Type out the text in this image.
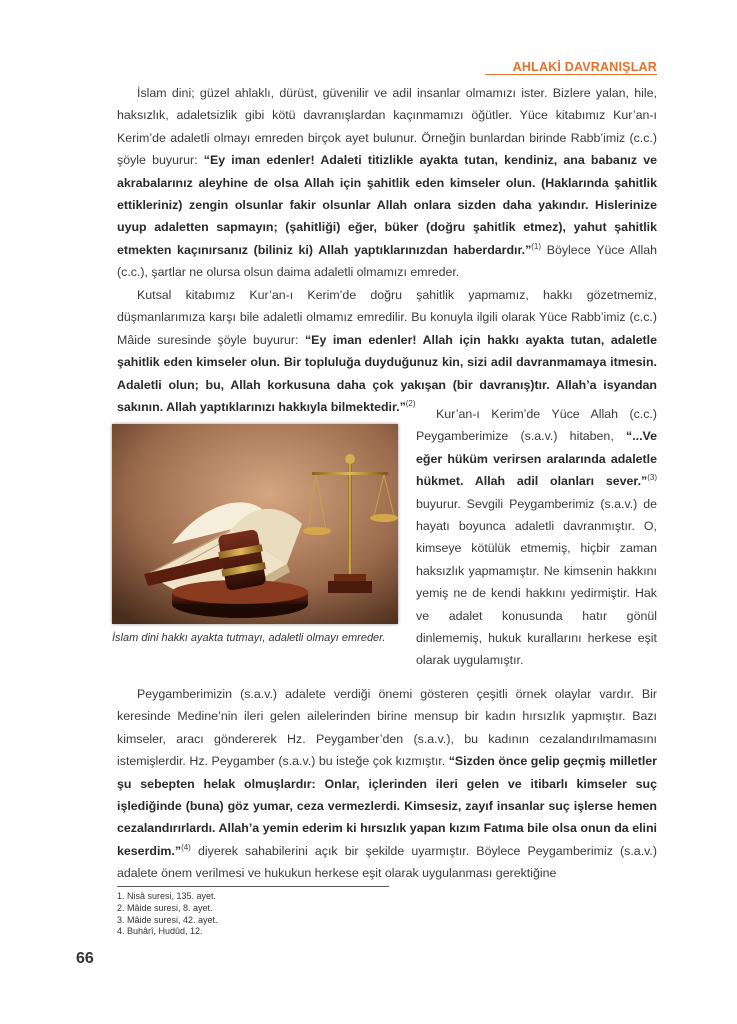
AHLAKİ DAVRANIŞLAR

İslam dini; güzel ahlaklı, dürüst, güvenilir ve adil insanlar olmamızı ister. Bizlere yalan, hile, haksızlık, adaletsizlik gibi kötü davranışlardan kaçınmamızı öğütler. Yüce kitabımız Kur’an-ı Kerim’de adaletli olmayı emreden birçok ayet bulunur. Örneğin bunlardan birinde Rabb’imiz (c.c.) şöyle buyurur: “Ey iman edenler! Adaleti titizlikle ayakta tutan, kendiniz, ana babanız ve akrabalarınız aleyhine de olsa Allah için şahitlik eden kimseler olun. (Haklarında şahitlik ettikleriniz) zengin olsunlar fakir olsunlar Allah onlara sizden daha yakındır. Hislerinize uyup adaletten sapmayın; (şahitliği) eğer, büker (doğru şahitlik etmez), yahut şahitlik etmekten kaçınırsanız (biliniz ki) Allah yaptıklarınızdan haberdardır.”$^{(1)}$ Böylece Yüce Allah (c.c.), şartlar ne olursa olsun daima adaletli olmamızı emreder.

Kutsal kitabımız Kur’an-ı Kerim’de doğru şahitlik yapmamız, hakkı gözetmemiz, düşmanlarımıza karşı bile adaletli olmamız emredilir. Bu konuyla ilgili olarak Yüce Rabb’imiz (c.c.) Mâide suresinde şöyle buyurur: “Ey iman edenler! Allah için hakkı ayakta tutan, adaletle şahitlik eden kimseler olun. Bir topluluğa duyduğunuz kin, sizi adil davranmamaya itmesin. Adaletli olun; bu, Allah korkusuna daha çok yakışan (bir davranış)tır. Allah’a isyandan sakının. Allah yaptıklarınızı hakkıyla bilmektedir.”$^{(2)}$

İslam dini hakkı ayakta tutmayı, adaletli olmayı emreder.

Kur’an-ı Kerim’de Yüce Allah (c.c.) Peygamberimize (s.a.v.) hitaben, “...Ve eğer hüküm verirsen aralarında adaletle hükmet. Allah adil olanları sever.”$^{(3)}$ buyurur. Sevgili Peygamberimiz (s.a.v.) de hayatı boyunca adaletli davranmıştır. O, kimseye kötülük etmemiş, hiçbir zaman haksızlık yapmamıştır. Ne kimsenin hakkını yemiş ne de kendi hakkını yedirmiştir. Hak ve adalet konusunda hatır gönül dinlememiş, hukuk kurallarını herkese eşit olarak uygulamıştır.

Peygamberimizin (s.a.v.) adalete verdiği önemi gösteren çeşitli örnek olaylar vardır. Bir keresinde Medine’nin ileri gelen ailelerinden birine mensup bir kadın hırsızlık yapmıştır. Bazı kimseler, aracı göndererek Hz. Peygamber’den (s.a.v.), bu kadının cezalandırılmamasını istemişlerdir. Hz. Peygamber (s.a.v.) bu isteğe çok kızmıştır. “Sizden önce gelip geçmiş milletler şu sebepten helak olmuşlardır: Onlar, içlerinden ileri gelen ve itibarlı kimseler suç işlediğinde (buna) göz yumar, ceza vermezlerdi. Kimsesiz, zayıf insanlar suç işlerse hemen cezalandırırlardı. Allah’a yemin ederim ki hırsızlık yapan kızım Fatıma bile olsa onun da elini keserdim.”$^{(4)}$ diyerek sahabilerini açık bir şekilde uyarmıştır. Böylece Peygamberimiz (s.a.v.) adalete önem verilmesi ve hukukun herkese eşit olarak uygulanması gerektiğine

1. Nisâ suresi, 135. ayet.
2. Mâide suresi, 8. ayet.
3. Mâide suresi, 42. ayet.
4. Buhârî, Hudûd, 12.
66
